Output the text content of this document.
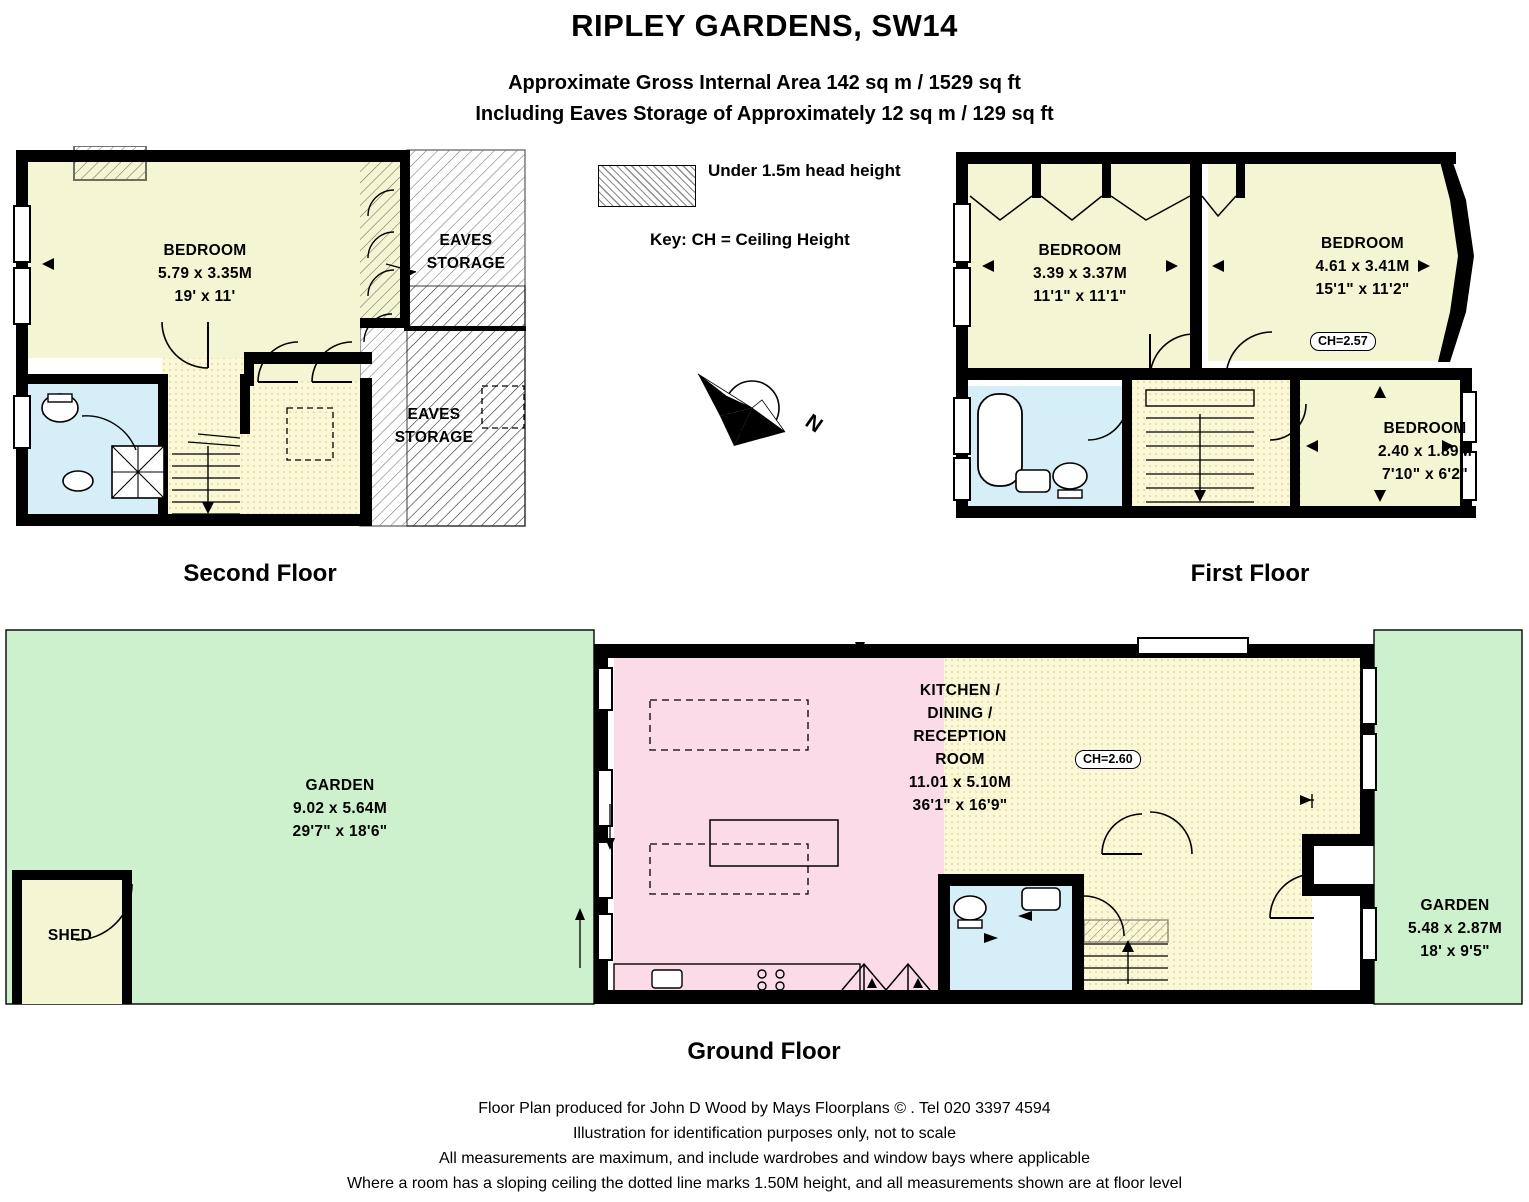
RIPLEY GARDENS, SW14
Approximate Gross Internal Area 142 sq m / 1529 sq ft
Including Eaves Storage of Approximately 12 sq m / 129 sq ft
Under 1.5m head height
Key: CH = Ceiling Height
N
BEDROOM
5.79 x 3.35M
19' x 11'
EAVES
STORAGE
EAVES
STORAGE
Second Floor
BEDROOM
3.39 x 3.37M
11'1" x 11'1"
BEDROOM
4.61 x 3.41M
15'1" x 11'2"
CH=2.57
BEDROOM
2.40 x 1.89M
7'10" x 6'2"
First Floor
GARDEN
9.02 x 5.64M
29'7" x 18'6"
SHED
KITCHEN /
DINING /
RECEPTION
ROOM
11.01 x 5.10M
36'1" x 16'9"
CH=2.60
GARDEN
5.48 x 2.87M
18' x 9'5"
Ground Floor
Floor Plan produced for John D Wood by Mays Floorplans © . Tel 020 3397 4594
Illustration for identification purposes only, not to scale
All measurements are maximum, and include wardrobes and window bays where applicable
Where a room has a sloping ceiling the dotted line marks 1.50M height, and all measurements shown are at floor level
